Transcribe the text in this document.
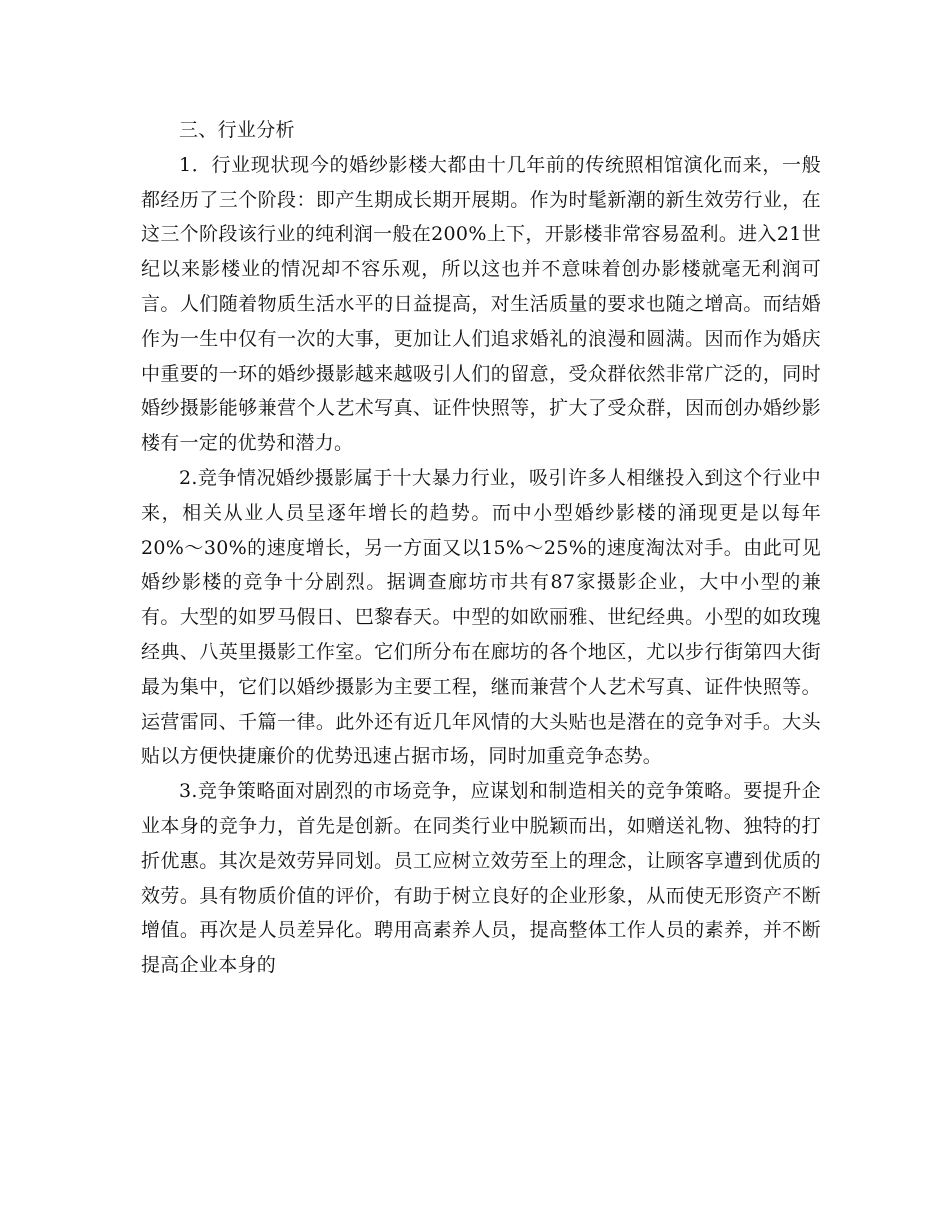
三、行业分析

1．行业现状现今的婚纱影楼大都由十几年前的传统照相馆演化而来，一般都经历了三个阶段：即产生期成长期开展期。作为时髦新潮的新生效劳行业，在这三个阶段该行业的纯利润一般在200%上下，开影楼非常容易盈利。进入21世纪以来影楼业的情况却不容乐观，所以这也并不意味着创办影楼就毫无利润可言。人们随着物质生活水平的日益提高，对生活质量的要求也随之增高。而结婚作为一生中仅有一次的大事，更加让人们追求婚礼的浪漫和圆满。因而作为婚庆中重要的一环的婚纱摄影越来越吸引人们的留意，受众群依然非常广泛的，同时婚纱摄影能够兼营个人艺术写真、证件快照等，扩大了受众群，因而创办婚纱影楼有一定的优势和潜力。

2.竞争情况婚纱摄影属于十大暴力行业，吸引许多人相继投入到这个行业中来，相关从业人员呈逐年增长的趋势。而中小型婚纱影楼的涌现更是以每年20%～30%的速度增长，另一方面又以15%～25%的速度淘汰对手。由此可见婚纱影楼的竞争十分剧烈。据调查廊坊市共有87家摄影企业，大中小型的兼有。大型的如罗马假日、巴黎春天。中型的如欧丽雅、世纪经典。小型的如玫瑰经典、八英里摄影工作室。它们所分布在廊坊的各个地区，尤以步行街第四大街最为集中，它们以婚纱摄影为主要工程，继而兼营个人艺术写真、证件快照等。运营雷同、千篇一律。此外还有近几年风情的大头贴也是潜在的竞争对手。大头贴以方便快捷廉价的优势迅速占据市场，同时加重竞争态势。

3.竞争策略面对剧烈的市场竞争，应谋划和制造相关的竞争策略。要提升企业本身的竞争力，首先是创新。在同类行业中脱颖而出，如赠送礼物、独特的打折优惠。其次是效劳异同划。员工应树立效劳至上的理念，让顾客享遭到优质的效劳。具有物质价值的评价，有助于树立良好的企业形象，从而使无形资产不断增值。再次是人员差异化。聘用高素养人员，提高整体工作人员的素养，并不断提高企业本身的
